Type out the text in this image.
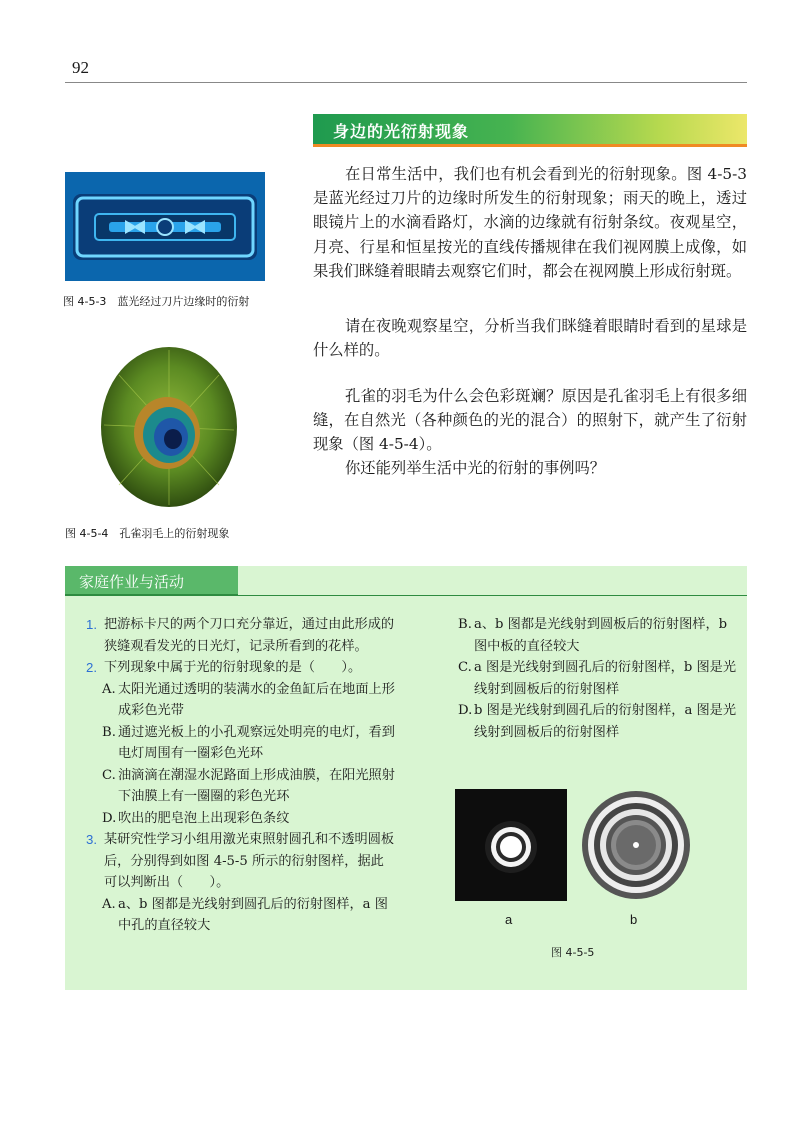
92
身边的光衍射现象
在日常生活中，我们也有机会看到光的衍射现象。图 4-5-3 是蓝光经过刀片的边缘时所发生的衍射现象；雨天的晚上，透过眼镜片上的水滴看路灯，水滴的边缘就有衍射条纹。夜观星空，月亮、行星和恒星按光的直线传播规律在我们视网膜上成像，如果我们眯缝着眼睛去观察它们时，都会在视网膜上形成衍射斑。
请在夜晚观察星空，分析当我们眯缝着眼睛时看到的星球是什么样的。
孔雀的羽毛为什么会色彩斑斓？原因是孔雀羽毛上有很多细缝，在自然光（各种颜色的光的混合）的照射下，就产生了衍射现象（图 4-5-4）。
你还能列举生活中光的衍射的事例吗？
图 4-5-3　蓝光经过刀片边缘时的衍射
图 4-5-4　孔雀羽毛上的衍射现象
家庭作业与活动
1. 把游标卡尺的两个刀口充分靠近，通过由此形成的狭缝观看发光的日光灯，记录所看到的花样。
2. 下列现象中属于光的衍射现象的是（　　）。
A. 太阳光通过透明的装满水的金鱼缸后在地面上形成彩色光带
B. 通过遮光板上的小孔观察远处明亮的电灯，看到电灯周围有一圈彩色光环
C. 油滴滴在潮湿水泥路面上形成油膜，在阳光照射下油膜上有一圈圈的彩色光环
D. 吹出的肥皂泡上出现彩色条纹
3. 某研究性学习小组用激光束照射圆孔和不透明圆板后，分别得到如图 4-5-5 所示的衍射图样，据此可以判断出（　　）。
A. a、b 图都是光线射到圆孔后的衍射图样，a 图中孔的直径较大
B. a、b 图都是光线射到圆板后的衍射图样，b 图中板的直径较大
C. a 图是光线射到圆孔后的衍射图样，b 图是光线射到圆板后的衍射图样
D. b 图是光线射到圆孔后的衍射图样，a 图是光线射到圆板后的衍射图样
a	b
图 4-5-5
